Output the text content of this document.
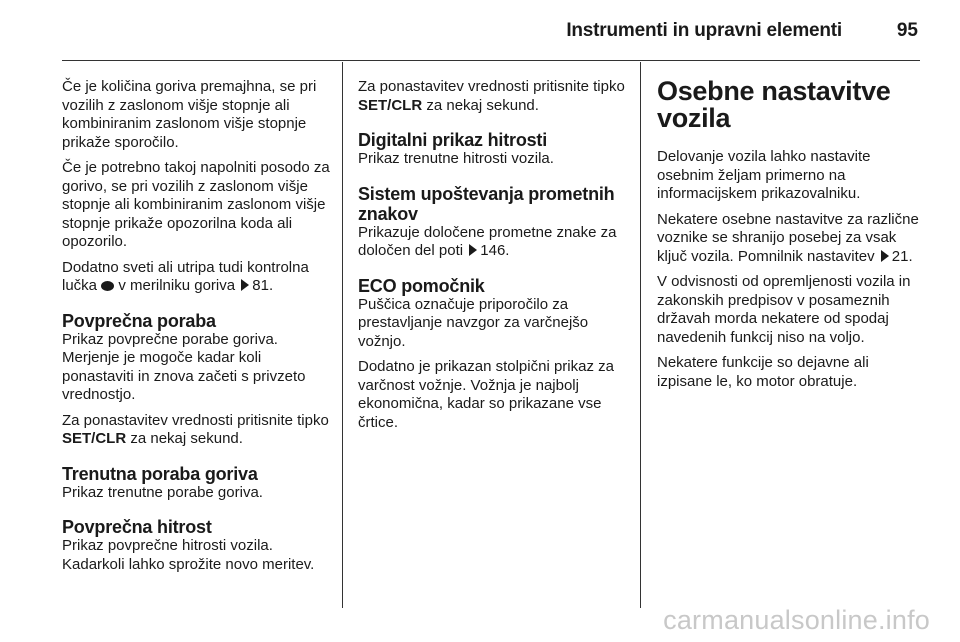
Instrumenti in upravni elementi	95

Če je količina goriva premajhna, se pri vozilih z zaslonom višje stopnje ali kombiniranim zaslonom višje stopnje prikaže sporočilo.

Če je potrebno takoj napolniti posodo za gorivo, se pri vozilih z zaslonom višje stopnje ali kombiniranim zaslonom višje stopnje prikaže opozorilna koda ali opozorilo.

Dodatno sveti ali utripa tudi kontrolna lučka v merilniku goriva 81.

Povprečna poraba

Prikaz povprečne porabe goriva. Merjenje je mogoče kadar koli ponastaviti in znova začeti s privzeto vrednostjo.

Za ponastavitev vrednosti pritisnite tipko SET/CLR za nekaj sekund.

Trenutna poraba goriva

Prikaz trenutne porabe goriva.

Povprečna hitrost

Prikaz povprečne hitrosti vozila. Kadarkoli lahko sprožite novo meritev.

Za ponastavitev vrednosti pritisnite tipko SET/CLR za nekaj sekund.

Digitalni prikaz hitrosti

Prikaz trenutne hitrosti vozila.

Sistem upoštevanja prometnih znakov

Prikazuje določene prometne znake za določen del poti 146.

ECO pomočnik

Puščica označuje priporočilo za prestavljanje navzgor za varčnejšo vožnjo.

Dodatno je prikazan stolpični prikaz za varčnost vožnje. Vožnja je najbolj ekonomična, kadar so prikazane vse črtice.

Osebne nastavitve vozila

Delovanje vozila lahko nastavite osebnim željam primerno na informacijskem prikazovalniku.

Nekatere osebne nastavitve za različne voznike se shranijo posebej za vsak ključ vozila. Pomnilnik nastavitev 21.

V odvisnosti od opremljenosti vozila in zakonskih predpisov v posameznih državah morda nekatere od spodaj navedenih funkcij niso na voljo.

Nekatere funkcije so dejavne ali izpisane le, ko motor obratuje.

carmanualsonline.info
